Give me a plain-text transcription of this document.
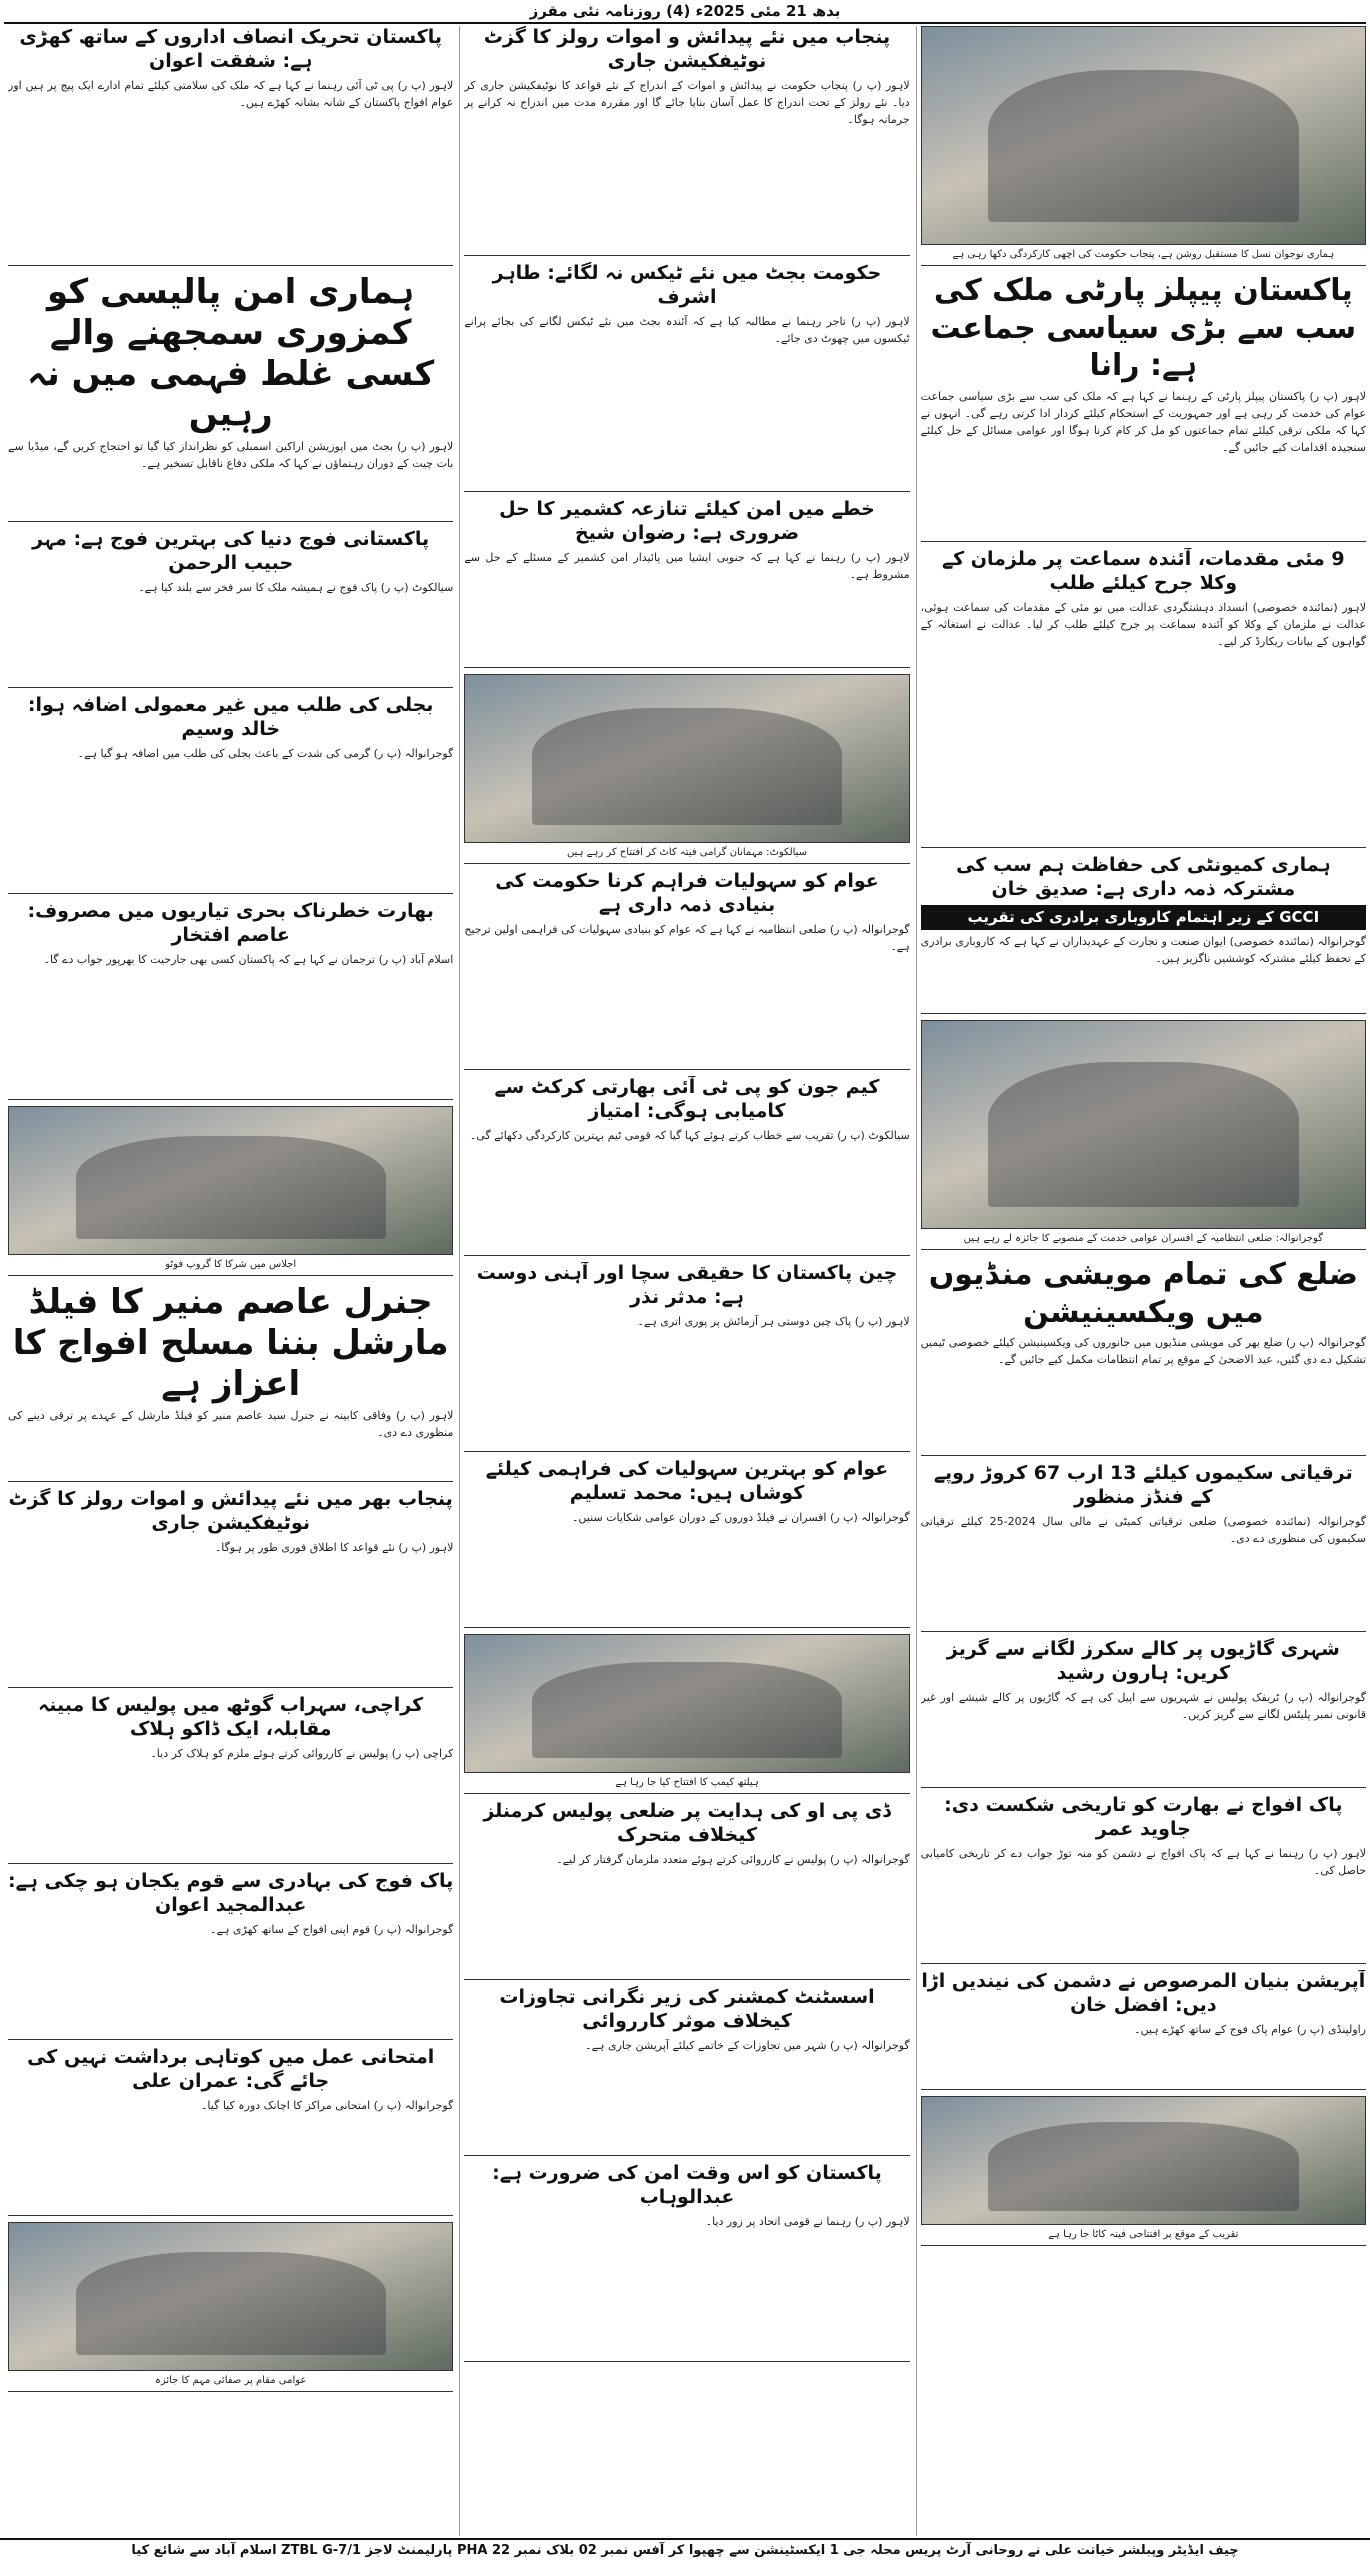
بدھ 21 مئی 2025ء (4) روزنامہ نئی مقرز
ہماری نوجوان نسل کا مستقبل روشن ہے، پنجاب حکومت کی اچھی کارکردگی دکھا رہی ہے
پاکستان پیپلز پارٹی ملک کی سب سے بڑی سیاسی جماعت ہے: رانا
لاہور (پ ر) پاکستان پیپلز پارٹی کے رہنما نے کہا ہے کہ ملک کی سب سے بڑی سیاسی جماعت عوام کی خدمت کر رہی ہے اور جمہوریت کے استحکام کیلئے کردار ادا کرتی رہے گی۔ انہوں نے کہا کہ ملکی ترقی کیلئے تمام جماعتوں کو مل کر کام کرنا ہوگا اور عوامی مسائل کے حل کیلئے سنجیدہ اقدامات کیے جائیں گے۔
9 مئی مقدمات، آئندہ سماعت پر ملزمان کے وکلا جرح کیلئے طلب
لاہور (نمائندہ خصوصی) انسداد دہشتگردی عدالت میں نو مئی کے مقدمات کی سماعت ہوئی، عدالت نے ملزمان کے وکلا کو آئندہ سماعت پر جرح کیلئے طلب کر لیا۔ عدالت نے استغاثہ کے گواہوں کے بیانات ریکارڈ کر لیے۔
ہماری کمیونٹی کی حفاظت ہم سب کی مشترکہ ذمہ داری ہے: صدیق خان
GCCI کے زیر اہتمام کاروباری برادری کی تقریب
گوجرانوالہ (نمائندہ خصوصی) ایوان صنعت و تجارت کے عہدیداران نے کہا ہے کہ کاروباری برادری کے تحفظ کیلئے مشترکہ کوششیں ناگزیر ہیں۔
گوجرانوالہ: ضلعی انتظامیہ کے افسران عوامی خدمت کے منصوبے کا جائزہ لے رہے ہیں
ضلع کی تمام مویشی منڈیوں میں ویکسینیشن
گوجرانوالہ (پ ر) ضلع بھر کی مویشی منڈیوں میں جانوروں کی ویکسینیشن کیلئے خصوصی ٹیمیں تشکیل دے دی گئیں، عید الاضحیٰ کے موقع پر تمام انتظامات مکمل کیے جائیں گے۔
ترقیاتی سکیموں کیلئے 13 ارب 67 کروڑ روپے کے فنڈز منظور
گوجرانوالہ (نمائندہ خصوصی) ضلعی ترقیاتی کمیٹی نے مالی سال 2024-25 کیلئے ترقیاتی سکیموں کی منظوری دے دی۔
شہری گاڑیوں پر کالے سکرز لگانے سے گریز کریں: ہارون رشید
گوجرانوالہ (پ ر) ٹریفک پولیس نے شہریوں سے اپیل کی ہے کہ گاڑیوں پر کالے شیشے اور غیر قانونی نمبر پلیٹس لگانے سے گریز کریں۔
پاک افواج نے بھارت کو تاریخی شکست دی: جاوید عمر
لاہور (پ ر) رہنما نے کہا ہے کہ پاک افواج نے دشمن کو منہ توڑ جواب دے کر تاریخی کامیابی حاصل کی۔
آپریشن بنیان المرصوص نے دشمن کی نیندیں اڑا دیں: افضل خان
راولپنڈی (پ ر) عوام پاک فوج کے ساتھ کھڑے ہیں۔
تقریب کے موقع پر افتتاحی فیتہ کاٹا جا رہا ہے
پنجاب میں نئے پیدائش و اموات رولز کا گزٹ نوٹیفکیشن جاری
لاہور (پ ر) پنجاب حکومت نے پیدائش و اموات کے اندراج کے نئے قواعد کا نوٹیفکیشن جاری کر دیا۔ نئے رولز کے تحت اندراج کا عمل آسان بنایا جائے گا اور مقررہ مدت میں اندراج نہ کرانے پر جرمانہ ہوگا۔
حکومت بجٹ میں نئے ٹیکس نہ لگائے: طاہر اشرف
لاہور (پ ر) تاجر رہنما نے مطالبہ کیا ہے کہ آئندہ بجٹ میں نئے ٹیکس لگانے کی بجائے پرانے ٹیکسوں میں چھوٹ دی جائے۔
خطے میں امن کیلئے تنازعہ کشمیر کا حل ضروری ہے: رضوان شیخ
لاہور (پ ر) رہنما نے کہا ہے کہ جنوبی ایشیا میں پائیدار امن کشمیر کے مسئلے کے حل سے مشروط ہے۔
سیالکوٹ: مہمانان گرامی فیتہ کاٹ کر افتتاح کر رہے ہیں
عوام کو سہولیات فراہم کرنا حکومت کی بنیادی ذمہ داری ہے
گوجرانوالہ (پ ر) ضلعی انتظامیہ نے کہا ہے کہ عوام کو بنیادی سہولیات کی فراہمی اولین ترجیح ہے۔
کیم جون کو پی ٹی آئی بھارتی کرکٹ سے کامیابی ہوگی: امتیاز
سیالکوٹ (پ ر) تقریب سے خطاب کرتے ہوئے کہا گیا کہ قومی ٹیم بہترین کارکردگی دکھائے گی۔
چین پاکستان کا حقیقی سچا اور آہنی دوست ہے: مدثر نذر
لاہور (پ ر) پاک چین دوستی ہر آزمائش پر پوری اتری ہے۔
عوام کو بہترین سہولیات کی فراہمی کیلئے کوشاں ہیں: محمد تسلیم
گوجرانوالہ (پ ر) افسران نے فیلڈ دوروں کے دوران عوامی شکایات سنیں۔
ہیلتھ کیمپ کا افتتاح کیا جا رہا ہے
ڈی پی او کی ہدایت پر ضلعی پولیس کرمنلز کیخلاف متحرک
گوجرانوالہ (پ ر) پولیس نے کارروائی کرتے ہوئے متعدد ملزمان گرفتار کر لیے۔
اسسٹنٹ کمشنر کی زیر نگرانی تجاوزات کیخلاف موثر کارروائی
گوجرانوالہ (پ ر) شہر میں تجاوزات کے خاتمے کیلئے آپریشن جاری ہے۔
پاکستان کو اس وقت امن کی ضرورت ہے: عبدالوہاب
لاہور (پ ر) رہنما نے قومی اتحاد پر زور دیا۔
پاکستان تحریک انصاف اداروں کے ساتھ کھڑی ہے: شفقت اعوان
لاہور (پ ر) پی ٹی آئی رہنما نے کہا ہے کہ ملک کی سلامتی کیلئے تمام ادارے ایک پیج پر ہیں اور عوام افواج پاکستان کے شانہ بشانہ کھڑے ہیں۔
ہماری امن پالیسی کو کمزوری سمجھنے والے کسی غلط فہمی میں نہ رہیں
لاہور (پ ر) بجٹ میں اپوزیشن اراکین اسمبلی کو نظرانداز کیا گیا تو احتجاج کریں گے، میڈیا سے بات چیت کے دوران رہنماؤں نے کہا کہ ملکی دفاع ناقابل تسخیر ہے۔
پاکستانی فوج دنیا کی بہترین فوج ہے: مہر حبیب الرحمن
سیالکوٹ (پ ر) پاک فوج نے ہمیشہ ملک کا سر فخر سے بلند کیا ہے۔
بجلی کی طلب میں غیر معمولی اضافہ ہوا: خالد وسیم
گوجرانوالہ (پ ر) گرمی کی شدت کے باعث بجلی کی طلب میں اضافہ ہو گیا ہے۔
بھارت خطرناک بحری تیاریوں میں مصروف: عاصم افتخار
اسلام آباد (پ ر) ترجمان نے کہا ہے کہ پاکستان کسی بھی جارحیت کا بھرپور جواب دے گا۔
اجلاس میں شرکا کا گروپ فوٹو
جنرل عاصم منیر کا فیلڈ مارشل بننا مسلح افواج کا اعزاز ہے
لاہور (پ ر) وفاقی کابینہ نے جنرل سید عاصم منیر کو فیلڈ مارشل کے عہدے پر ترقی دینے کی منظوری دے دی۔
پنجاب بھر میں نئے پیدائش و اموات رولز کا گزٹ نوٹیفکیشن جاری
لاہور (پ ر) نئے قواعد کا اطلاق فوری طور پر ہوگا۔
کراچی، سہراب گوٹھ میں پولیس کا مبینہ مقابلہ، ایک ڈاکو ہلاک
کراچی (پ ر) پولیس نے کارروائی کرتے ہوئے ملزم کو ہلاک کر دیا۔
پاک فوج کی بہادری سے قوم یکجان ہو چکی ہے: عبدالمجید اعوان
گوجرانوالہ (پ ر) قوم اپنی افواج کے ساتھ کھڑی ہے۔
امتحانی عمل میں کوتاہی برداشت نہیں کی جائے گی: عمران علی
گوجرانوالہ (پ ر) امتحانی مراکز کا اچانک دورہ کیا گیا۔
عوامی مقام پر صفائی مہم کا جائزہ
چیف ایڈیٹر وپبلشر خیاتت علی نے روحانی آرٹ پریس محلہ جی 1 ایکسٹینشن سے چھپوا کر آفس نمبر 02 بلاک نمبر 22 PHA پارلیمنٹ لاجز ZTBL G-7/1 اسلام آباد سے شائع کیا
